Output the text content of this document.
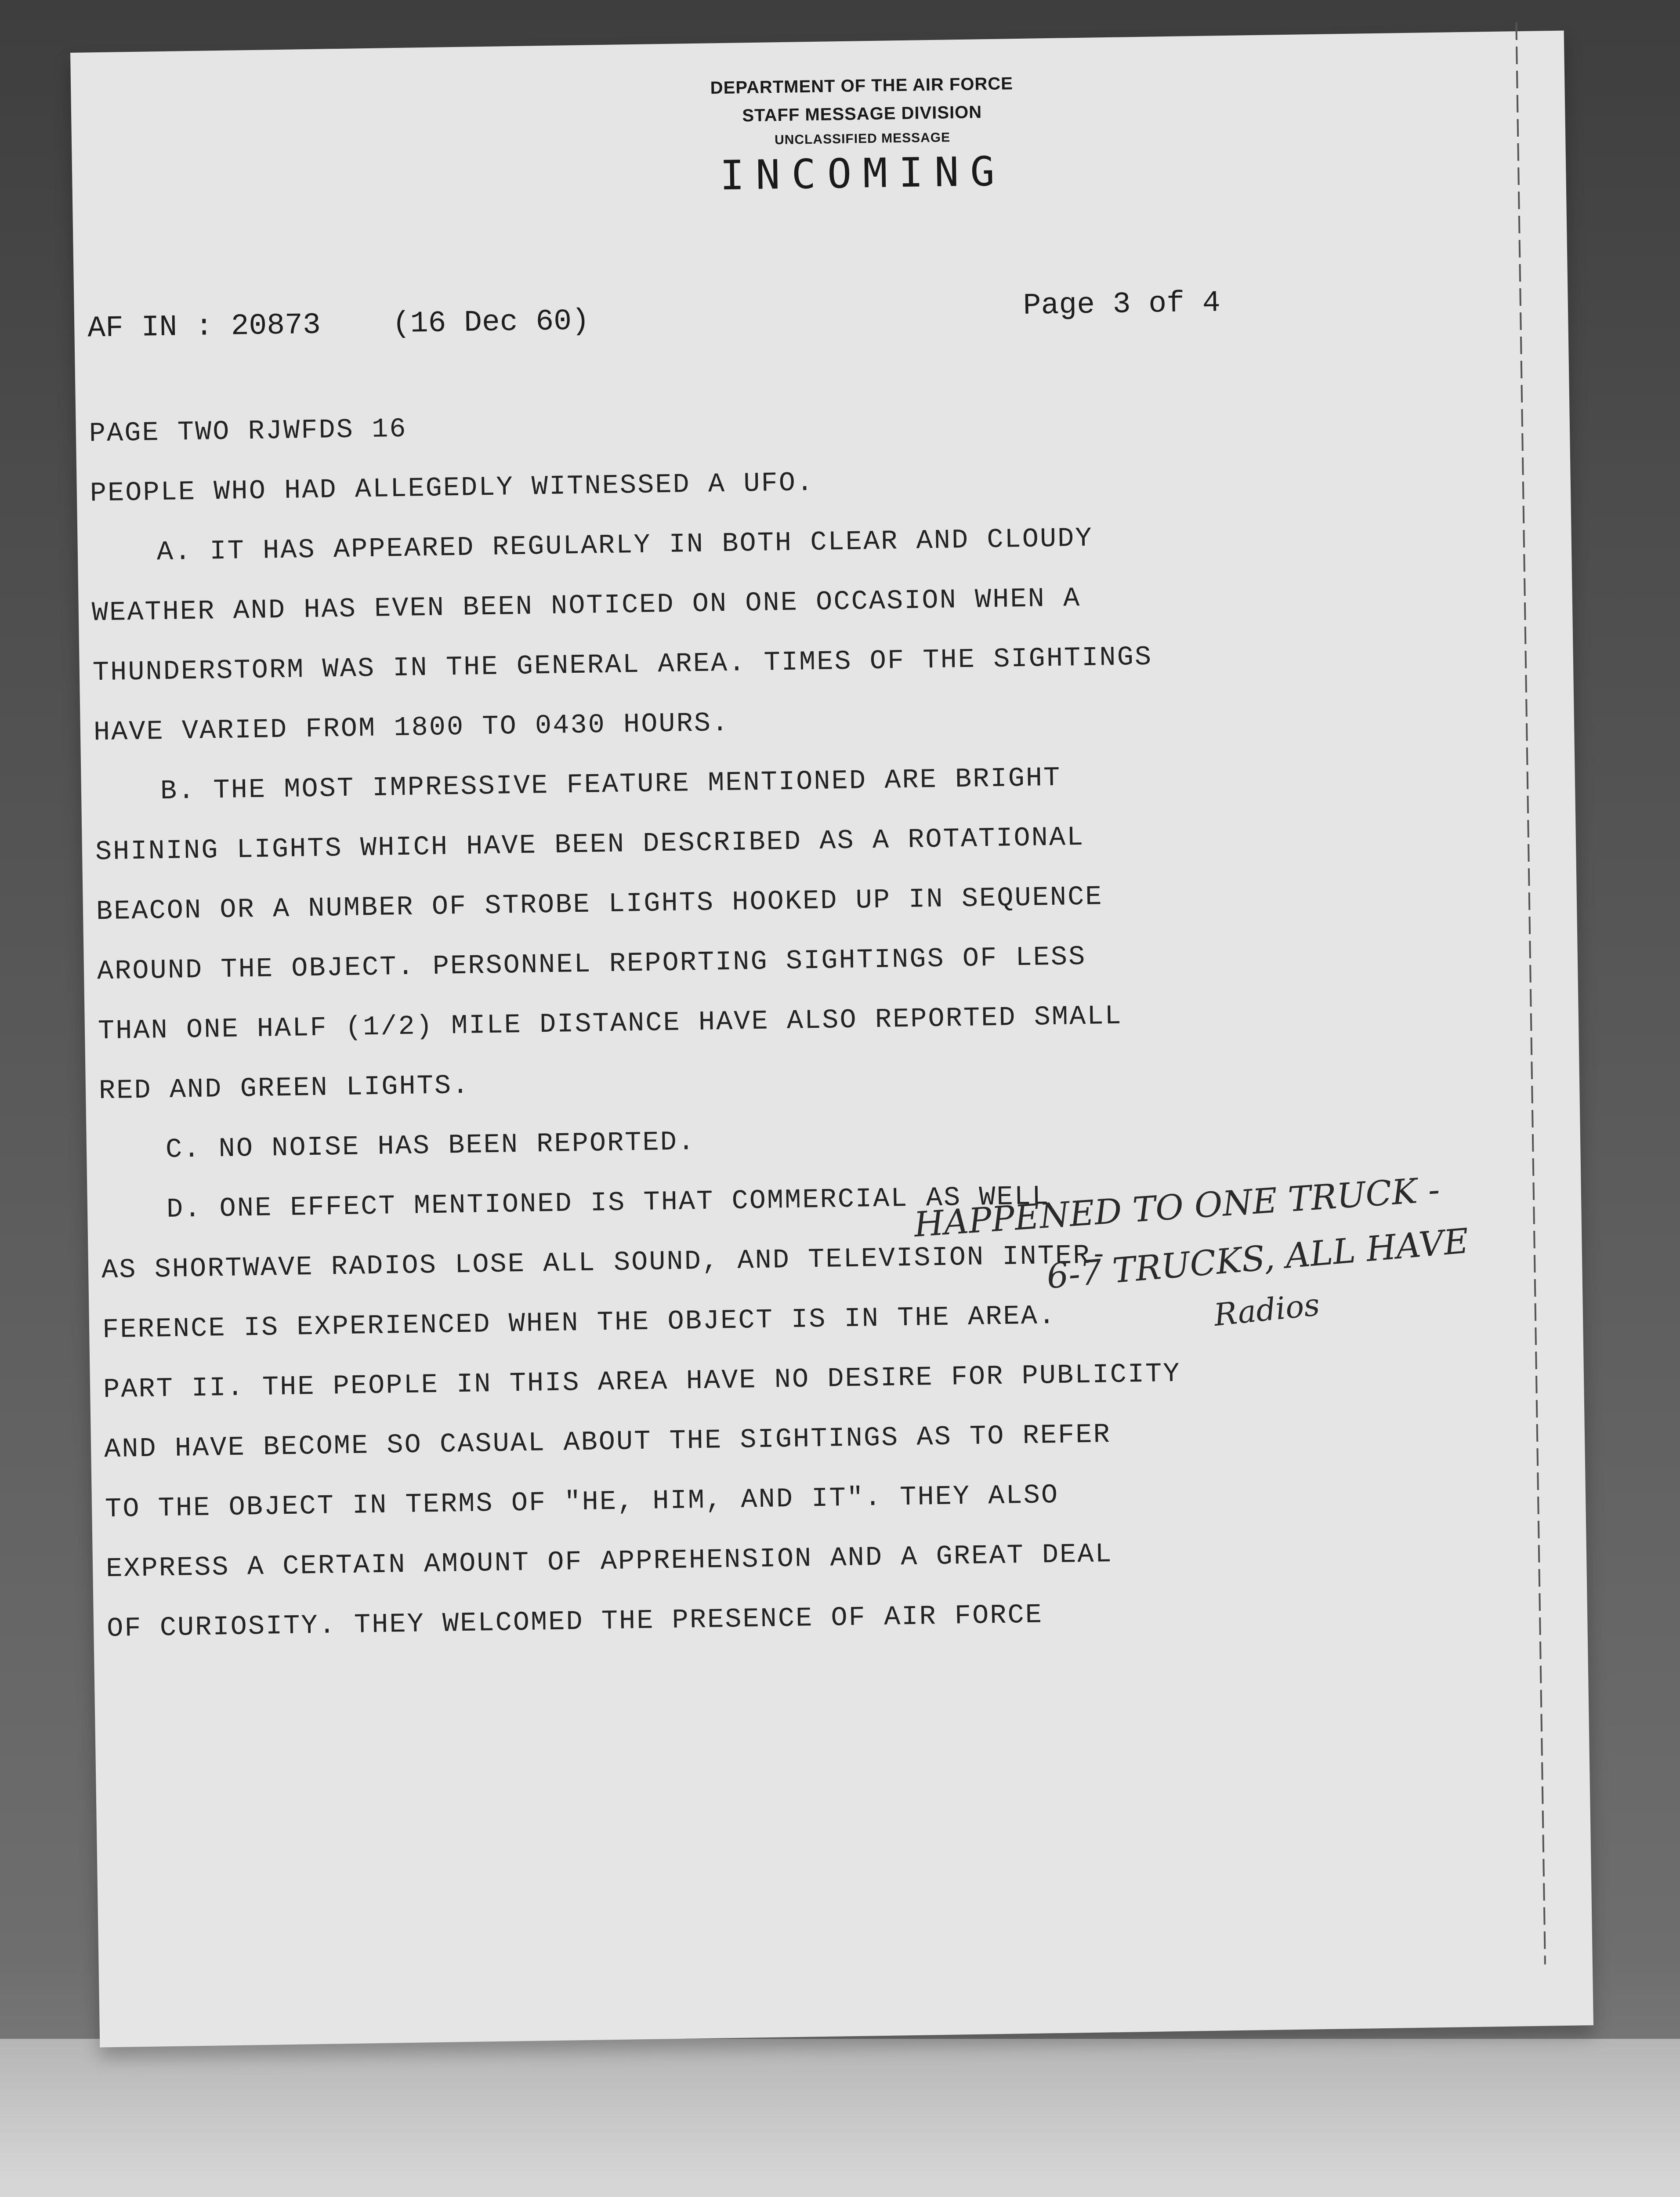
DEPARTMENT OF THE AIR FORCE

STAFF MESSAGE DIVISION

UNCLASSIFIED MESSAGE

INCOMING

AF IN : 20873 (16 Dec 60)	Page 3 of 4
PAGE TWO RJWFDS 16
PEOPLE WHO HAD ALLEGEDLY WITNESSED A UFO.
A. IT HAS APPEARED REGULARLY IN BOTH CLEAR AND CLOUDY
WEATHER AND HAS EVEN BEEN NOTICED ON ONE OCCASION WHEN A
THUNDERSTORM WAS IN THE GENERAL AREA. TIMES OF THE SIGHTINGS
HAVE VARIED FROM 1800 TO 0430 HOURS.
B. THE MOST IMPRESSIVE FEATURE MENTIONED ARE BRIGHT
SHINING LIGHTS WHICH HAVE BEEN DESCRIBED AS A ROTATIONAL
BEACON OR A NUMBER OF STROBE LIGHTS HOOKED UP IN SEQUENCE
AROUND THE OBJECT. PERSONNEL REPORTING SIGHTINGS OF LESS
THAN ONE HALF (1/2) MILE DISTANCE HAVE ALSO REPORTED SMALL
RED AND GREEN LIGHTS.
C. NO NOISE HAS BEEN REPORTED.
D. ONE EFFECT MENTIONED IS THAT COMMERCIAL AS WELL
AS SHORTWAVE RADIOS LOSE ALL SOUND, AND TELEVISION INTER-
FERENCE IS EXPERIENCED WHEN THE OBJECT IS IN THE AREA.
PART II. THE PEOPLE IN THIS AREA HAVE NO DESIRE FOR PUBLICITY
AND HAVE BECOME SO CASUAL ABOUT THE SIGHTINGS AS TO REFER
TO THE OBJECT IN TERMS OF "HE, HIM, AND IT". THEY ALSO
EXPRESS A CERTAIN AMOUNT OF APPREHENSION AND A GREAT DEAL
OF CURIOSITY. THEY WELCOMED THE PRESENCE OF AIR FORCE
HAPPENED TO ONE TRUCK -
6-7 TRUCKS, ALL HAVE
Radios
